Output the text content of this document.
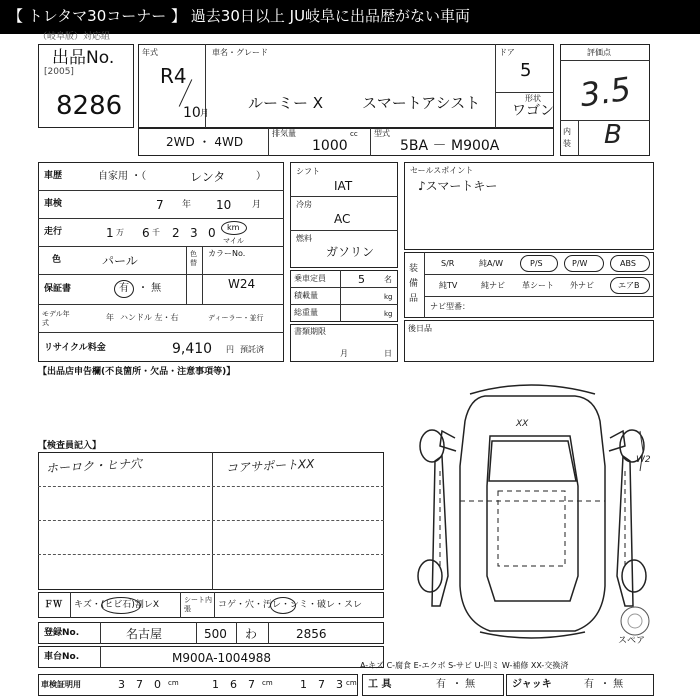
【 トレタマ30コーナー 】 過去30日以上 JU岐阜に出品歴がない車両
（岐阜版）対応組
出品No.
[2005]
8286
年式
R4
10 月
車名・グレード
ルーミー X	スマートアシスト
ドア
5
形状
ワゴン
評価点
3.5
内装 B
2WD ・ 4WD
排気量
1000
cc 型式
5BA － M900A
車歴	自家用 ・（	レンタ	）
車検	7 年 10 月
走行	1 万 6 千 2 3 0 km
マイル
色	パール	色替
カラーNo.
W24
保証書	有 ・ 無
モデル年式
年 ハンドル 左・右	ディーラー・並行
リサイクル料金	9,410 円 預託済
シフト
IAT
冷房
AC
燃料
ガソリン
乗車定員	5 名
積載量	kg
総重量	kg
書類期限
月	日
セールスポイント
♪スマートキー
装備品
S/R	純A/W	P/S	P/W	ABS
純TV	純ナビ 革シート 外ナビ	エアB
ナビ型番：
後日品
【出品店申告欄(不良箇所・欠品・注意事項等)】
【検査員記入】
ホーロク・ヒナ穴	コアサポートXX
XX
W2
スペア
ＦＷ キズ・(ヒビ石)割レX	シート内張	コゲ・穴・汚レ・シミ・破レ・スレ
登録No.	名古屋	500 わ	2856
車台No.	M900A-1004988
A-キズ C-腐食 E-エクボ S-サビ U-凹ミ W-補修 XX-交換済
車検証明用	3 7 0 cm	1 6 7 cm 1 7 3 cm 工 具	有 ・ 無	ジャッキ	有 ・ 無
